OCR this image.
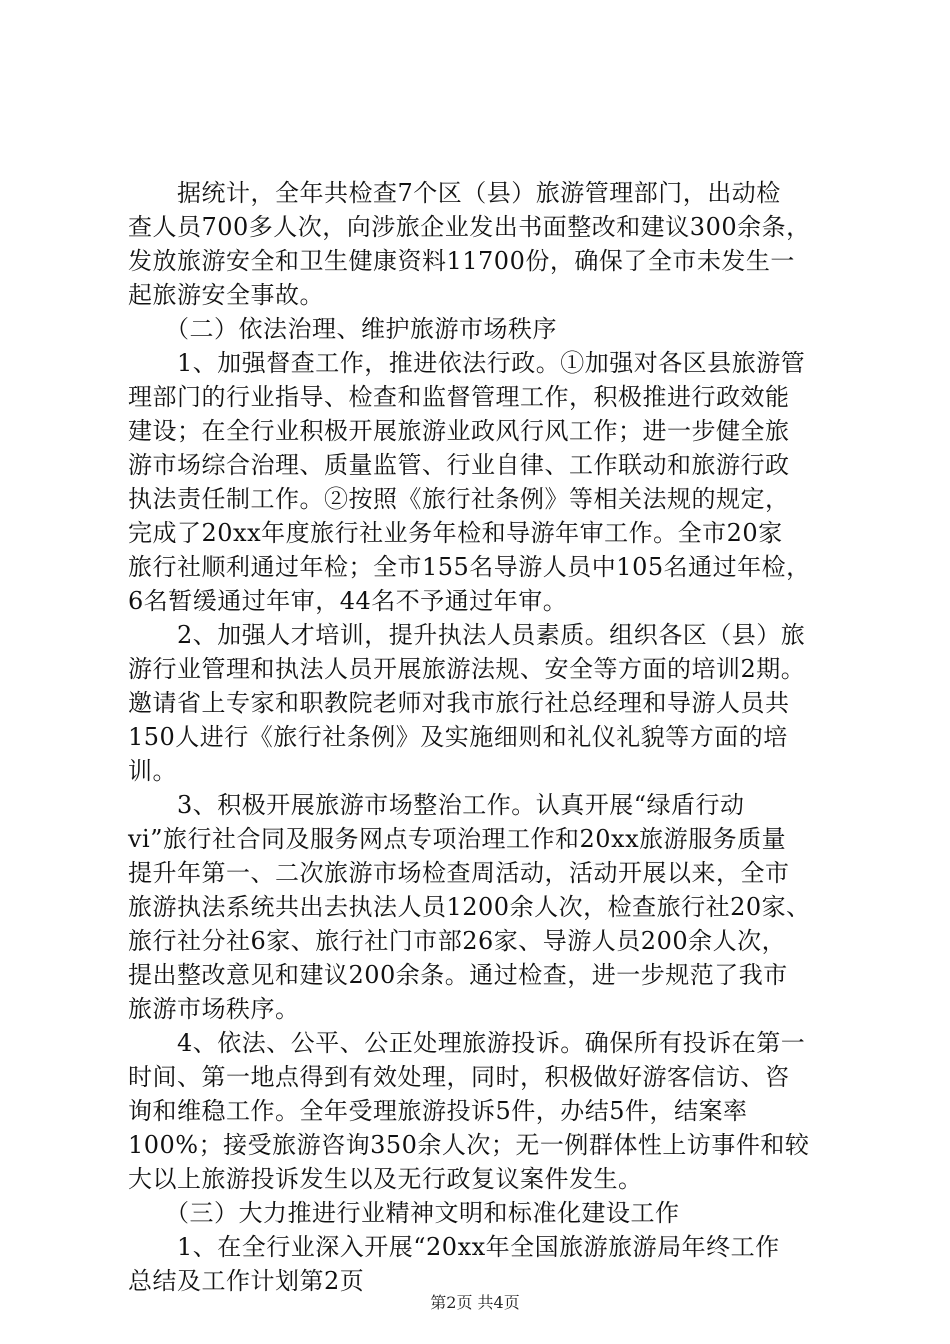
　　据统计，全年共检查7个区（县）旅游管理部门，出动检
查人员700多人次，向涉旅企业发出书面整改和建议300余条，
发放旅游安全和卫生健康资料11700份，确保了全市未发生一
起旅游安全事故。
　　（二）依法治理、维护旅游市场秩序
　　1、加强督查工作，推进依法行政。①加强对各区县旅游管
理部门的行业指导、检查和监督管理工作，积极推进行政效能
建设；在全行业积极开展旅游业政风行风工作；进一步健全旅
游市场综合治理、质量监管、行业自律、工作联动和旅游行政
执法责任制工作。②按照《旅行社条例》等相关法规的规定，
完成了20xx年度旅行社业务年检和导游年审工作。全市20家
旅行社顺利通过年检；全市155名导游人员中105名通过年检，
6名暂缓通过年审，44名不予通过年审。
　　2、加强人才培训，提升执法人员素质。组织各区（县）旅
游行业管理和执法人员开展旅游法规、安全等方面的培训2期。
邀请省上专家和职教院老师对我市旅行社总经理和导游人员共
150人进行《旅行社条例》及实施细则和礼仪礼貌等方面的培
训。
　　3、积极开展旅游市场整治工作。认真开展“绿盾行动
vi”旅行社合同及服务网点专项治理工作和20xx旅游服务质量
提升年第一、二次旅游市场检查周活动，活动开展以来，全市
旅游执法系统共出去执法人员1200余人次，检查旅行社20家、
旅行社分社6家、旅行社门市部26家、导游人员200余人次，
提出整改意见和建议200余条。通过检查，进一步规范了我市
旅游市场秩序。
　　4、依法、公平、公正处理旅游投诉。确保所有投诉在第一
时间、第一地点得到有效处理，同时，积极做好游客信访、咨
询和维稳工作。全年受理旅游投诉5件，办结5件，结案率
100%；接受旅游咨询350余人次；无一例群体性上访事件和较
大以上旅游投诉发生以及无行政复议案件发生。
　　（三）大力推进行业精神文明和标准化建设工作
　　1、在全行业深入开展“20xx年全国旅游旅游局年终工作
总结及工作计划第2页
第2页 共4页
